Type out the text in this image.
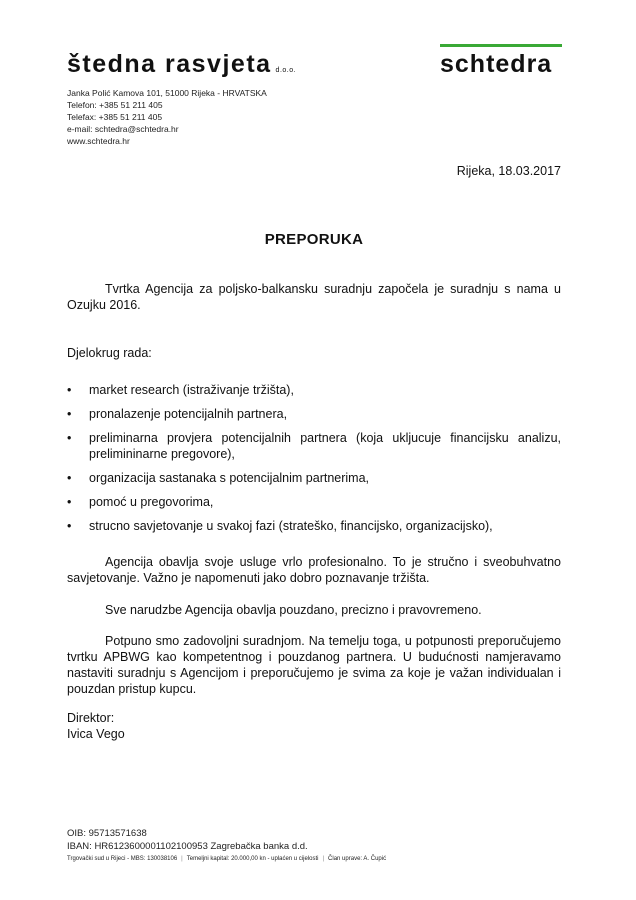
štedna rasvjeta d.o.o.	schtedra
Janka Polić Kamova 101, 51000 Rijeka - HRVATSKA
Telefon: +385 51 211 405
Telefax: +385 51 211 405
e-mail: schtedra@schtedra.hr
www.schtedra.hr
Rijeka, 18.03.2017
PREPORUKA
Tvrtka Agencija za poljsko-balkansku suradnju započela je suradnju s nama u Ozujku 2016.
Djelokrug rada:
• market research (istraživanje tržišta),
• pronalazenje potencijalnih partnera,
• preliminarna provjera potencijalnih partnera (koja ukljucuje financijsku analizu, prelimininarne pregovore),
• organizacija sastanaka s potencijalnim partnerima,
• pomoć u pregovorima,
• strucno savjetovanje u svakoj fazi (strateško, financijsko, organizacijsko),
Agencija obavlja svoje usluge vrlo profesionalno. To je stručno i sveobuhvatno savjetovanje. Važno je napomenuti jako dobro poznavanje tržišta.
Sve narudzbe Agencija obavlja pouzdano, precizno i pravovremeno.
Potpuno smo zadovoljni suradnjom. Na temelju toga, u potpunosti preporučujemo tvrtku APBWG kao kompetentnog i pouzdanog partnera. U budućnosti namjeravamo nastaviti suradnju s Agencijom i preporučujemo je svima za koje je važan individualan i pouzdan pristup kupcu.
Direktor:
Ivica Vego
OIB: 95713571638
IBAN: HR6123600001102100953 Zagrebačka banka d.d.
Trgovački sud u Rijeci - MBS: 130038106 | Temeljni kapital: 20.000,00 kn - uplaćen u cijelosti | Član uprave: A. Čupić
